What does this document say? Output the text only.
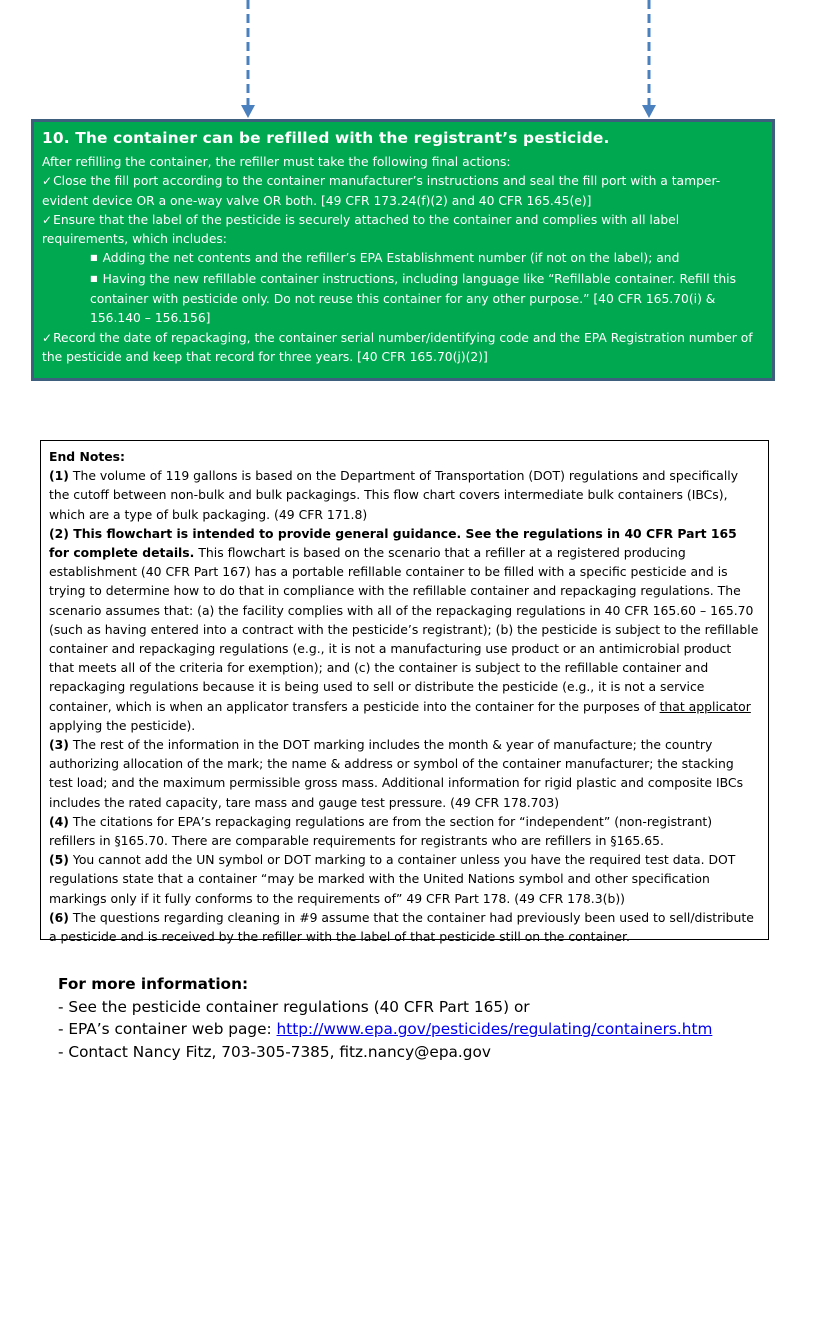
10. The container can be refilled with the registrant’s pesticide.

After refilling the container, the refiller must take the following final actions:

✓Close the fill port according to the container manufacturer’s instructions and seal the fill port with a tamper-evident device OR a one-way valve OR both. [49 CFR 173.24(f)(2) and 40 CFR 165.45(e)]

✓Ensure that the label of the pesticide is securely attached to the container and complies with all label requirements, which includes:

■ Adding the net contents and the refiller’s EPA Establishment number (if not on the label); and

■ Having the new refillable container instructions, including language like “Refillable container. Refill this container with pesticide only. Do not reuse this container for any other purpose.” [40 CFR 165.70(i) & 156.140 – 156.156]

✓Record the date of repackaging, the container serial number/identifying code and the EPA Registration number of the pesticide and keep that record for three years. [40 CFR 165.70(j)(2)]

End Notes:

(1) The volume of 119 gallons is based on the Department of Transportation (DOT) regulations and specifically the cutoff between non-bulk and bulk packagings. This flow chart covers intermediate bulk containers (IBCs), which are a type of bulk packaging. (49 CFR 171.8)

(2) This flowchart is intended to provide general guidance. See the regulations in 40 CFR Part 165 for complete details. This flowchart is based on the scenario that a refiller at a registered producing establishment (40 CFR Part 167) has a portable refillable container to be filled with a specific pesticide and is trying to determine how to do that in compliance with the refillable container and repackaging regulations. The scenario assumes that: (a) the facility complies with all of the repackaging regulations in 40 CFR 165.60 – 165.70 (such as having entered into a contract with the pesticide’s registrant); (b) the pesticide is subject to the refillable container and repackaging regulations (e.g., it is not a manufacturing use product or an antimicrobial product that meets all of the criteria for exemption); and (c) the container is subject to the refillable container and repackaging regulations because it is being used to sell or distribute the pesticide (e.g., it is not a service container, which is when an applicator transfers a pesticide into the container for the purposes of that applicator applying the pesticide).

(3) The rest of the information in the DOT marking includes the month & year of manufacture; the country authorizing allocation of the mark; the name & address or symbol of the container manufacturer; the stacking test load; and the maximum permissible gross mass. Additional information for rigid plastic and composite IBCs includes the rated capacity, tare mass and gauge test pressure. (49 CFR 178.703)

(4) The citations for EPA’s repackaging regulations are from the section for “independent” (non-registrant) refillers in §165.70. There are comparable requirements for registrants who are refillers in §165.65.

(5) You cannot add the UN symbol or DOT marking to a container unless you have the required test data. DOT regulations state that a container “may be marked with the United Nations symbol and other specification markings only if it fully conforms to the requirements of” 49 CFR Part 178. (49 CFR 178.3(b))

(6) The questions regarding cleaning in #9 assume that the container had previously been used to sell/distribute a pesticide and is received by the refiller with the label of that pesticide still on the container.

For more information:

- See the pesticide container regulations (40 CFR Part 165) or

- EPA’s container web page: http://www.epa.gov/pesticides/regulating/containers.htm

- Contact Nancy Fitz, 703-305-7385, fitz.nancy@epa.gov
